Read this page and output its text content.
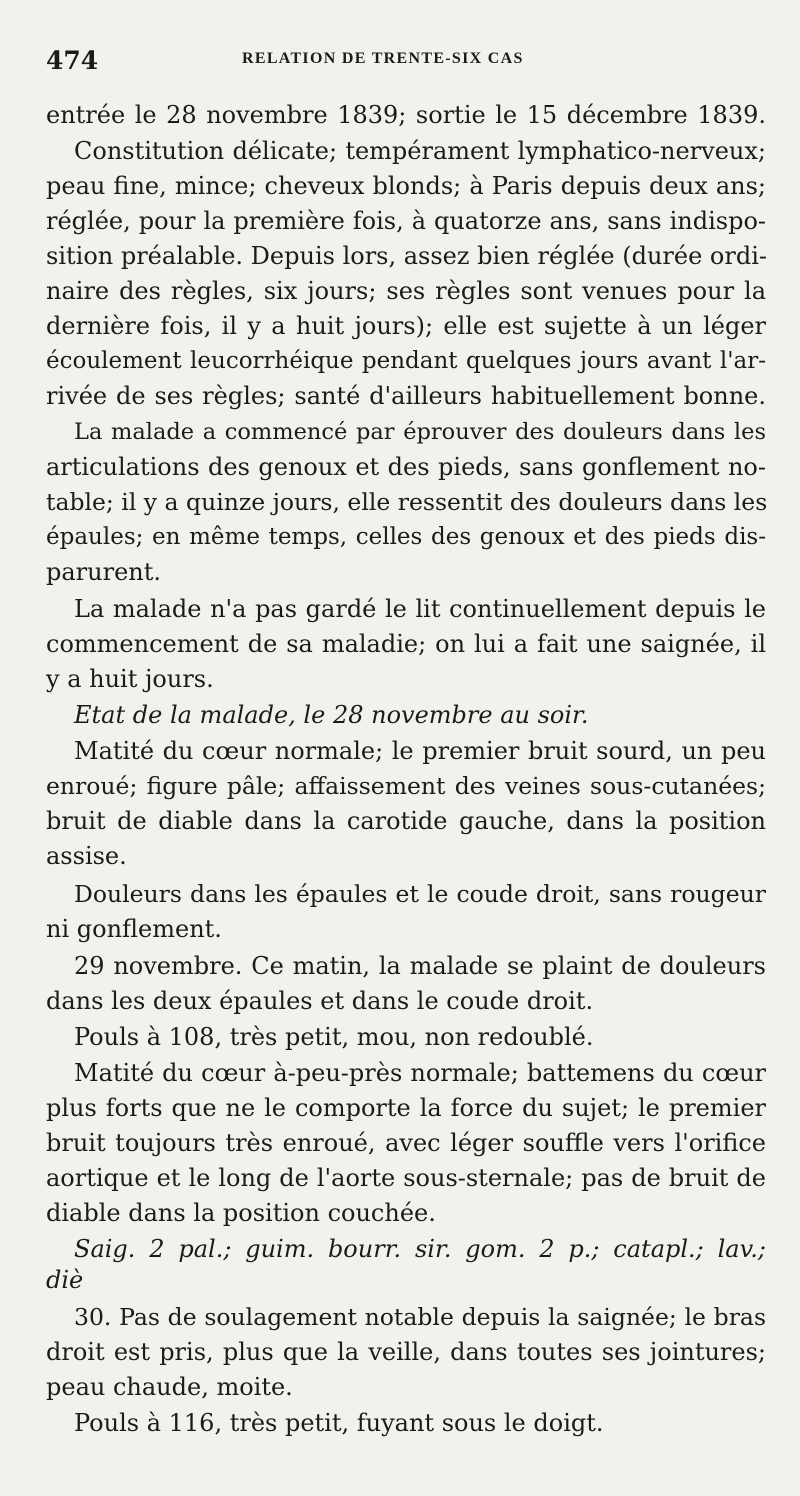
474	RELATION DE TRENTE-SIX CAS
entrée le 28 novembre 1839; sortie le 15 décembre 1839.
Constitution délicate; tempérament lymphatico-nerveux;
peau fine, mince; cheveux blonds; à Paris depuis deux ans;
réglée, pour la première fois, à quatorze ans, sans indispo-
sition préalable. Depuis lors, assez bien réglée (durée ordi-
naire des règles, six jours; ses règles sont venues pour la
dernière fois, il y a huit jours); elle est sujette à un léger
écoulement leucorrhéique pendant quelques jours avant l'ar-
rivée de ses règles; santé d'ailleurs habituellement bonne.
La malade a commencé par éprouver des douleurs dans les
articulations des genoux et des pieds, sans gonflement no-
table; il y a quinze jours, elle ressentit des douleurs dans les
épaules; en même temps, celles des genoux et des pieds dis-
parurent.
La malade n'a pas gardé le lit continuellement depuis le
commencement de sa maladie; on lui a fait une saignée, il
y a huit jours.
Etat de la malade, le 28 novembre au soir.
Matité du cœur normale; le premier bruit sourd, un peu
enroué; figure pâle; affaissement des veines sous-cutanées;
bruit de diable dans la carotide gauche, dans la position
assise.
Douleurs dans les épaules et le coude droit, sans rougeur
ni gonflement.
29 novembre. Ce matin, la malade se plaint de douleurs
dans les deux épaules et dans le coude droit.
Pouls à 108, très petit, mou, non redoublé.
Matité du cœur à-peu-près normale; battemens du cœur
plus forts que ne le comporte la force du sujet; le premier
bruit toujours très enroué, avec léger souffle vers l'orifice
aortique et le long de l'aorte sous-sternale; pas de bruit de
diable dans la position couchée.
Saig. 2 pal.; guim. bourr. sir. gom. 2 p.; catapl.; lav.;
diè
30. Pas de soulagement notable depuis la saignée; le bras
droit est pris, plus que la veille, dans toutes ses jointures;
peau chaude, moite.
Pouls à 116, très petit, fuyant sous le doigt.
